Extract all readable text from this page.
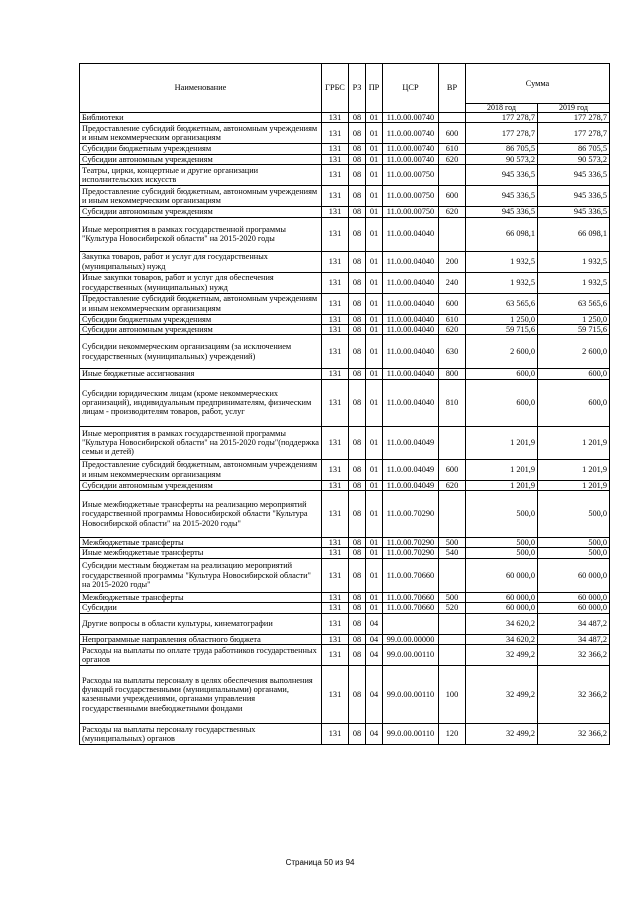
Наименование	ГРБС	РЗ	ПР	ЦСР	ВР	Сумма	
						2018 год	2019 год
Библиотеки	131	08	01	11.0.00.00740		177 278,7	177 278,7
Предоставление субсидий бюджетным, автономным учреждениям и иным некоммерческим организациям	131	08	01	11.0.00.00740	600	177 278,7	177 278,7
Субсидии бюджетным учреждениям	131	08	01	11.0.00.00740	610	86 705,5	86 705,5
Субсидии автономным учреждениям	131	08	01	11.0.00.00740	620	90 573,2	90 573,2
Театры, цирки, концертные и другие организации исполнительских искусств	131	08	01	11.0.00.00750		945 336,5	945 336,5
Предоставление субсидий бюджетным, автономным учреждениям и иным некоммерческим организациям	131	08	01	11.0.00.00750	600	945 336,5	945 336,5
Субсидии автономным учреждениям	131	08	01	11.0.00.00750	620	945 336,5	945 336,5
Иные мероприятия в рамках государственной программы "Культура Новосибирской области" на 2015-2020 годы	131	08	01	11.0.00.04040		66 098,1	66 098,1
Закупка товаров, работ и услуг для государственных (муниципальных) нужд	131	08	01	11.0.00.04040	200	1 932,5	1 932,5
Иные закупки товаров, работ и услуг для обеспечения государственных (муниципальных) нужд	131	08	01	11.0.00.04040	240	1 932,5	1 932,5
Предоставление субсидий бюджетным, автономным учреждениям и иным некоммерческим организациям	131	08	01	11.0.00.04040	600	63 565,6	63 565,6
Субсидии бюджетным учреждениям	131	08	01	11.0.00.04040	610	1 250,0	1 250,0
Субсидии автономным учреждениям	131	08	01	11.0.00.04040	620	59 715,6	59 715,6
Субсидии некоммерческим организациям (за исключением государственных (муниципальных) учреждений)	131	08	01	11.0.00.04040	630	2 600,0	2 600,0
Иные бюджетные ассигнования	131	08	01	11.0.00.04040	800	600,0	600,0
Субсидии юридическим лицам (кроме некоммерческих организаций), индивидуальным предпринимателям, физическим лицам - производителям товаров, работ, услуг	131	08	01	11.0.00.04040	810	600,0	600,0
Иные мероприятия в рамках государственной программы "Культура Новосибирской области" на 2015-2020 годы"(поддержка семьи и детей)	131	08	01	11.0.00.04049		1 201,9	1 201,9
Предоставление субсидий бюджетным, автономным учреждениям и иным некоммерческим организациям	131	08	01	11.0.00.04049	600	1 201,9	1 201,9
Субсидии автономным учреждениям	131	08	01	11.0.00.04049	620	1 201,9	1 201,9
Иные межбюджетные трансферты на реализацию мероприятий государственной программы Новосибирской области "Культура Новосибирской области" на 2015-2020 годы"	131	08	01	11.0.00.70290		500,0	500,0
Межбюджетные трансферты	131	08	01	11.0.00.70290	500	500,0	500,0
Иные межбюджетные трансферты	131	08	01	11.0.00.70290	540	500,0	500,0
Субсидии местным бюджетам на реализацию мероприятий государственной программы "Культура Новосибирской области" на 2015-2020 годы"	131	08	01	11.0.00.70660		60 000,0	60 000,0
Межбюджетные трансферты	131	08	01	11.0.00.70660	500	60 000,0	60 000,0
Субсидии	131	08	01	11.0.00.70660	520	60 000,0	60 000,0
Другие вопросы в области культуры, кинематографии	131	08	04			34 620,2	34 487,2
Непрограммные направления областного бюджета	131	08	04	99.0.00.00000		34 620,2	34 487,2
Расходы на выплаты по оплате труда работников государственных органов	131	08	04	99.0.00.00110		32 499,2	32 366,2
Расходы на выплаты персоналу в целях обеспечения выполнения функций государственными (муниципальными) органами, казенными учреждениями, органами управления государственными внебюджетными фондами	131	08	04	99.0.00.00110	100	32 499,2	32 366,2
Расходы на выплаты персоналу государственных (муниципальных) органов	131	08	04	99.0.00.00110	120	32 499,2	32 366,2
Страница 50 из 94
